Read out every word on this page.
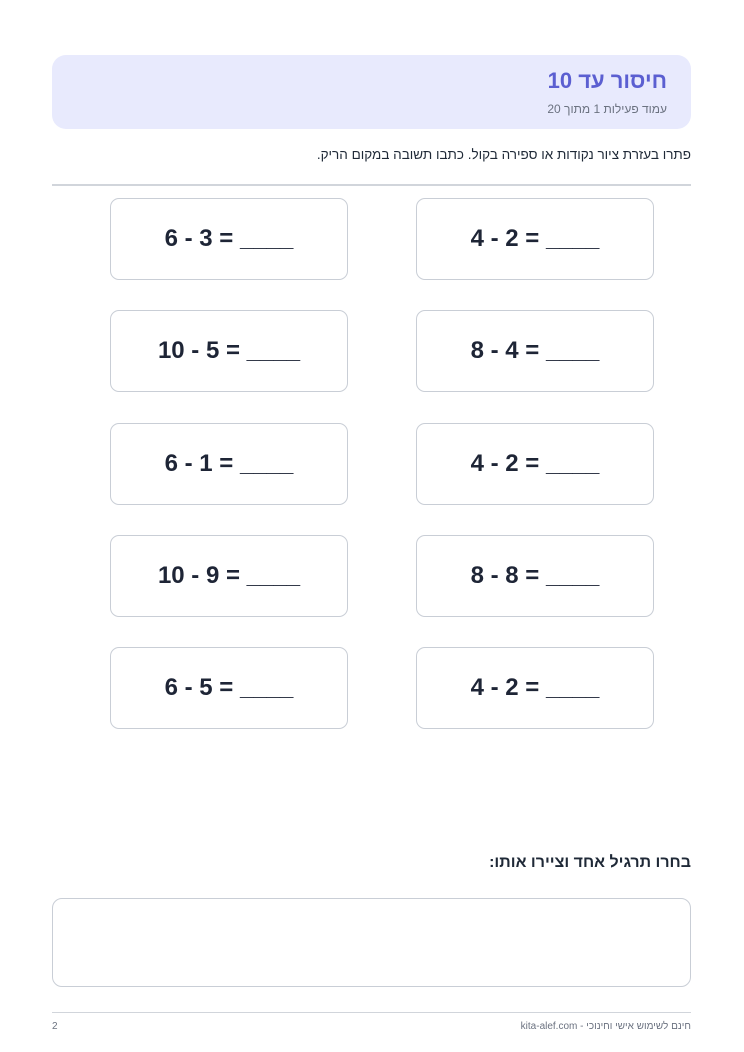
חיסור עד 10
עמוד פעילות 1 מתוך 20
פתרו בעזרת ציור נקודות או ספירה בקול. כתבו תשובה במקום הריק.
4 - 2 = ____
6 - 3 = ____
8 - 4 = ____
10 - 5 = ____
4 - 2 = ____
6 - 1 = ____
8 - 8 = ____
10 - 9 = ____
4 - 2 = ____
6 - 5 = ____
בחרו תרגיל אחד וציירו אותו:
חינם לשימוש אישי וחינוכי - kita-alef.com
2
